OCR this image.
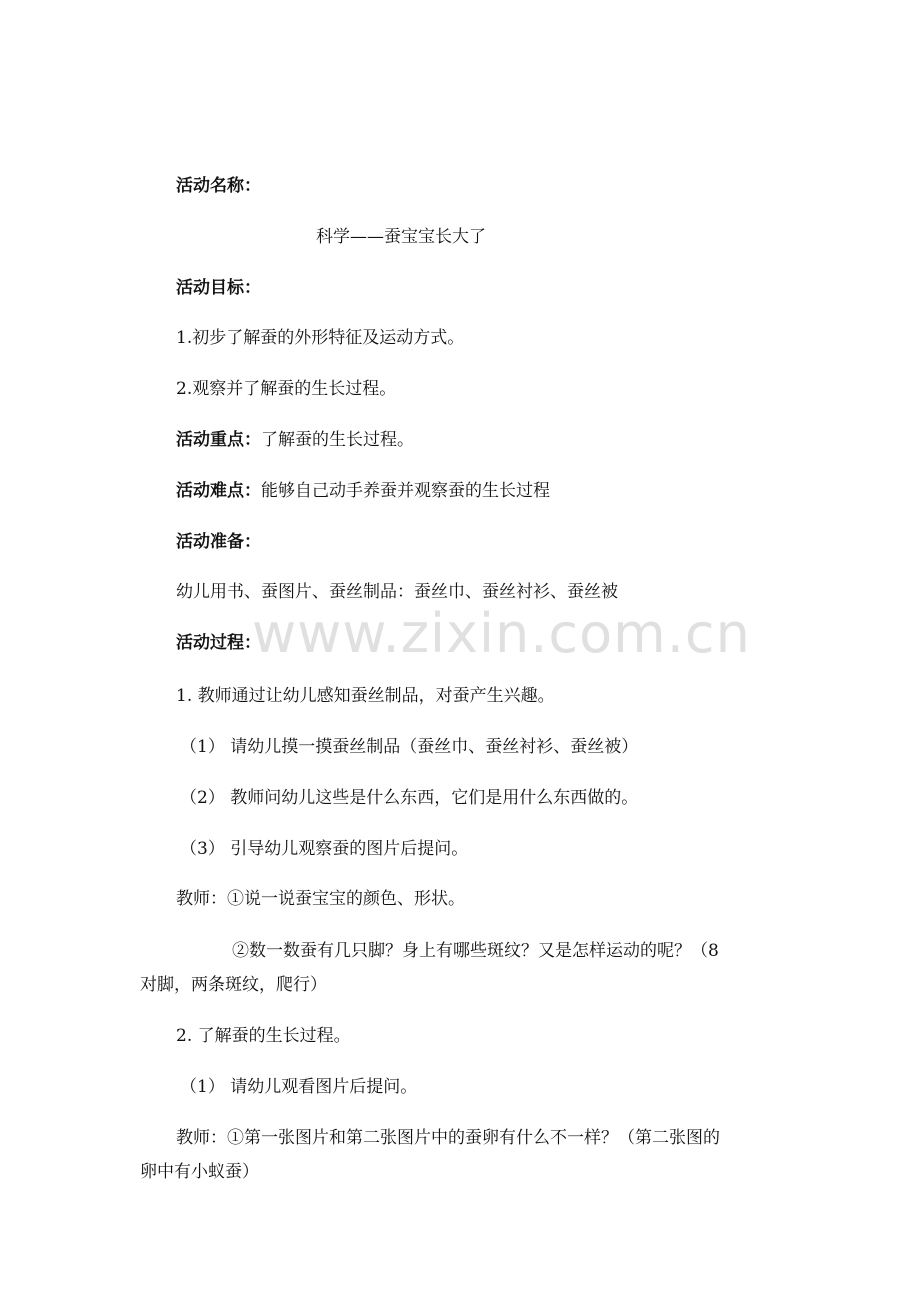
活动名称：
科学——蚕宝宝长大了
活动目标：
1.初步了解蚕的外形特征及运动方式。
2.观察并了解蚕的生长过程。
活动重点：了解蚕的生长过程。
活动难点：能够自己动手养蚕并观察蚕的生长过程
活动准备：
幼儿用书、蚕图片、蚕丝制品：蚕丝巾、蚕丝衬衫、蚕丝被
www.zixin.com.cn
活动过程：
1. 教师通过让幼儿感知蚕丝制品，对蚕产生兴趣。
（1） 请幼儿摸一摸蚕丝制品（蚕丝巾、蚕丝衬衫、蚕丝被）
（2） 教师问幼儿这些是什么东西，它们是用什么东西做的。
（3） 引导幼儿观察蚕的图片后提问。
教师：①说一说蚕宝宝的颜色、形状。
②数一数蚕有几只脚？身上有哪些斑纹？又是怎样运动的呢？（8
对脚，两条斑纹，爬行）
2. 了解蚕的生长过程。
（1） 请幼儿观看图片后提问。
教师：①第一张图片和第二张图片中的蚕卵有什么不一样？（第二张图的
卵中有小蚁蚕）
